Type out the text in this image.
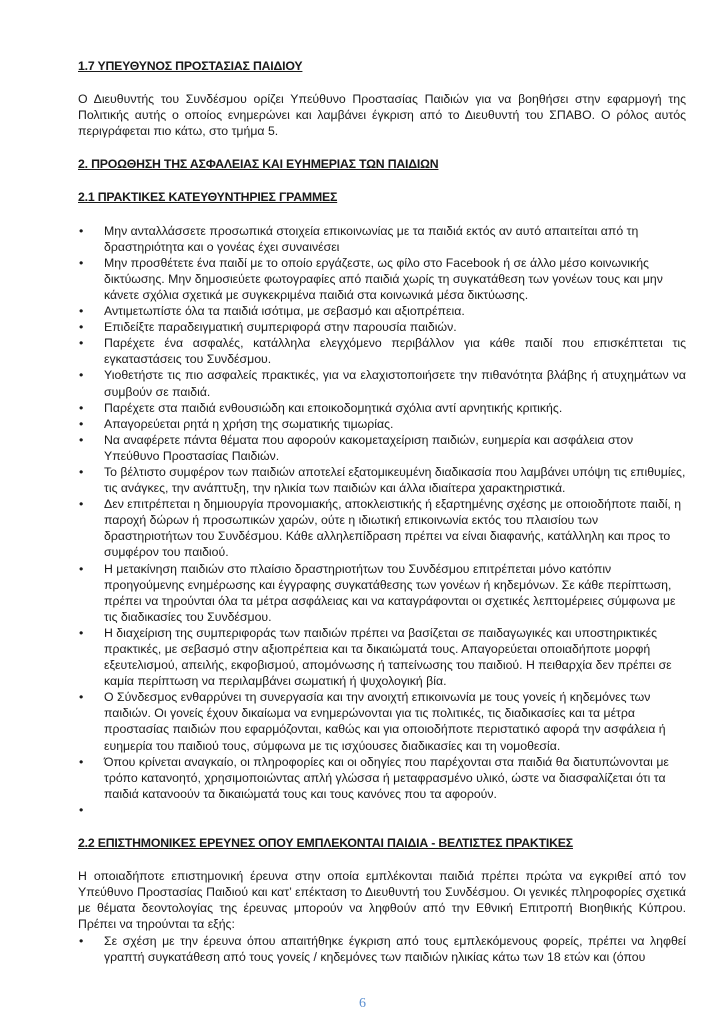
1.7 ΥΠΕΥΘΥΝΟΣ ΠΡΟΣΤΑΣΙΑΣ ΠΑΙΔΙΟΥ

Ο Διευθυντής του Συνδέσμου ορίζει Υπεύθυνο Προστασίας Παιδιών για να βοηθήσει στην εφαρμογή της Πολιτικής αυτής ο οποίος ενημερώνει και λαμβάνει έγκριση από το Διευθυντή του ΣΠΑΒΟ. Ο ρόλος αυτός περιγράφεται πιο κάτω, στο τμήμα 5.

2. ΠΡΟΩΘΗΣΗ ΤΗΣ ΑΣΦΑΛΕΙΑΣ ΚΑΙ ΕΥΗΜΕΡΙΑΣ ΤΩΝ ΠΑΙΔΙΩΝ

2.1 ΠΡΑΚΤΙΚΕΣ ΚΑΤΕΥΘΥΝΤΗΡΙΕΣ ΓΡΑΜΜΕΣ

• Μην ανταλλάσσετε προσωπικά στοιχεία επικοινωνίας με τα παιδιά εκτός αν αυτό απαιτείται από τη δραστηριότητα και ο γονέας έχει συναινέσει
• Μην προσθέτετε ένα παιδί με το οποίο εργάζεστε, ως φίλο στο Facebook ή σε άλλο μέσο κοινωνικής δικτύωσης. Μην δημοσιεύετε φωτογραφίες από παιδιά χωρίς τη συγκατάθεση των γονέων τους και μην κάνετε σχόλια σχετικά με συγκεκριμένα παιδιά στα κοινωνικά μέσα δικτύωσης.
• Αντιμετωπίστε όλα τα παιδιά ισότιμα, με σεβασμό και αξιοπρέπεια.
• Επιδείξτε παραδειγματική συμπεριφορά στην παρουσία παιδιών.
• Παρέχετε ένα ασφαλές, κατάλληλα ελεγχόμενο περιβάλλον για κάθε παιδί που επισκέπτεται τις εγκαταστάσεις του Συνδέσμου.
• Υιοθετήστε τις πιο ασφαλείς πρακτικές, για να ελαχιστοποιήσετε την πιθανότητα βλάβης ή ατυχημάτων να συμβούν σε παιδιά.
• Παρέχετε στα παιδιά ενθουσιώδη και εποικοδομητικά σχόλια αντί αρνητικής κριτικής.
• Απαγορεύεται ρητά η χρήση της σωματικής τιμωρίας.
• Να αναφέρετε πάντα θέματα που αφορούν κακομεταχείριση παιδιών, ευημερία και ασφάλεια στον Υπεύθυνο Προστασίας Παιδιών.
• Το βέλτιστο συμφέρον των παιδιών αποτελεί εξατομικευμένη διαδικασία που λαμβάνει υπόψη τις επιθυμίες, τις ανάγκες, την ανάπτυξη, την ηλικία των παιδιών και άλλα ιδιαίτερα χαρακτηριστικά.
• Δεν επιτρέπεται η δημιουργία προνομιακής, αποκλειστικής ή εξαρτημένης σχέσης με οποιοδήποτε παιδί, η παροχή δώρων ή προσωπικών χαρών, ούτε η ιδιωτική επικοινωνία εκτός του πλαισίου των δραστηριοτήτων του Συνδέσμου. Κάθε αλληλεπίδραση πρέπει να είναι διαφανής, κατάλληλη και προς το συμφέρον του παιδιού.
• Η μετακίνηση παιδιών στο πλαίσιο δραστηριοτήτων του Συνδέσμου επιτρέπεται μόνο κατόπιν προηγούμενης ενημέρωσης και έγγραφης συγκατάθεσης των γονέων ή κηδεμόνων. Σε κάθε περίπτωση, πρέπει να τηρούνται όλα τα μέτρα ασφάλειας και να καταγράφονται οι σχετικές λεπτομέρειες σύμφωνα με τις διαδικασίες του Συνδέσμου.
• Η διαχείριση της συμπεριφοράς των παιδιών πρέπει να βασίζεται σε παιδαγωγικές και υποστηρικτικές πρακτικές, με σεβασμό στην αξιοπρέπεια και τα δικαιώματά τους. Απαγορεύεται οποιαδήποτε μορφή εξευτελισμού, απειλής, εκφοβισμού, απομόνωσης ή ταπείνωσης του παιδιού. Η πειθαρχία δεν πρέπει σε καμία περίπτωση να περιλαμβάνει σωματική ή ψυχολογική βία.
• Ο Σύνδεσμος ενθαρρύνει τη συνεργασία και την ανοιχτή επικοινωνία με τους γονείς ή κηδεμόνες των παιδιών. Οι γονείς έχουν δικαίωμα να ενημερώνονται για τις πολιτικές, τις διαδικασίες και τα μέτρα προστασίας παιδιών που εφαρμόζονται, καθώς και για οποιοδήποτε περιστατικό αφορά την ασφάλεια ή ευημερία του παιδιού τους, σύμφωνα με τις ισχύουσες διαδικασίες και τη νομοθεσία.
• Όπου κρίνεται αναγκαίο, οι πληροφορίες και οι οδηγίες που παρέχονται στα παιδιά θα διατυπώνονται με τρόπο κατανοητό, χρησιμοποιώντας απλή γλώσσα ή μεταφρασμένο υλικό, ώστε να διασφαλίζεται ότι τα παιδιά κατανοούν τα δικαιώματά τους και τους κανόνες που τα αφορούν.
•

2.2 ΕΠΙΣΤΗΜΟΝΙΚΕΣ ΕΡΕΥΝΕΣ ΟΠΟΥ ΕΜΠΛΕΚΟΝΤΑΙ ΠΑΙΔΙΑ - ΒΕΛΤΙΣΤΕΣ ΠΡΑΚΤΙΚΕΣ

Η οποιαδήποτε επιστημονική έρευνα στην οποία εμπλέκονται παιδιά πρέπει πρώτα να εγκριθεί από τον Υπεύθυνο Προστασίας Παιδιού και κατ’ επέκταση το Διευθυντή του Συνδέσμου. Οι γενικές πληροφορίες σχετικά με θέματα δεοντολογίας της έρευνας μπορούν να ληφθούν από την Εθνική Επιτροπή Βιοηθικής Κύπρου. Πρέπει να τηρούνται τα εξής:

• Σε σχέση με την έρευνα όπου απαιτήθηκε έγκριση από τους εμπλεκόμενους φορείς, πρέπει να ληφθεί γραπτή συγκατάθεση από τους γονείς / κηδεμόνες των παιδιών ηλικίας κάτω των 18 ετών και (όπου
6
